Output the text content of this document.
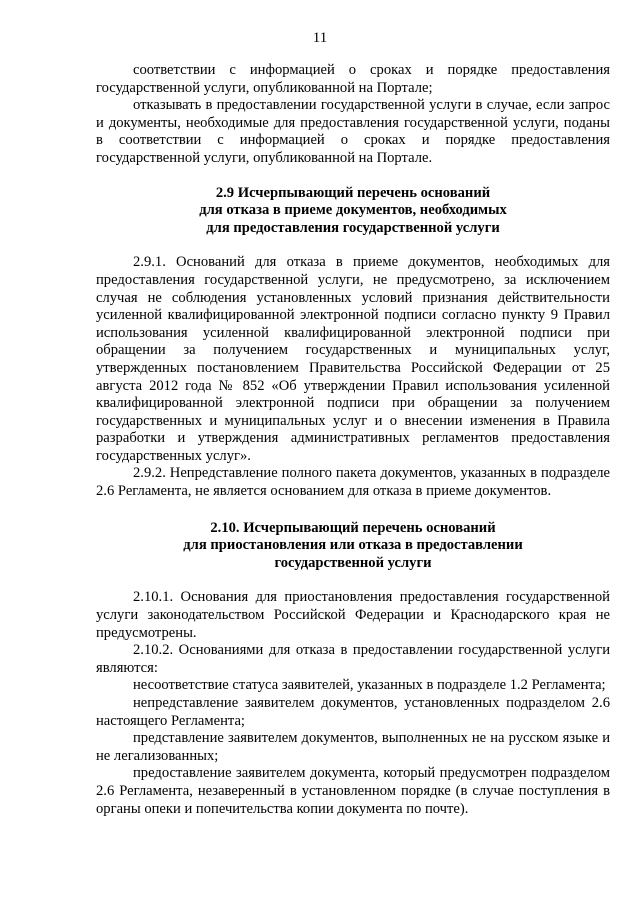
11

соответствии с информацией о сроках и порядке предоставления государственной услуги, опубликованной на Портале;

отказывать в предоставлении государственной услуги в случае, если запрос и документы, необходимые для предоставления государственной услуги, поданы в соответствии с информацией о сроках и порядке предоставления государственной услуги, опубликованной на Портале.

2.9 Исчерпывающий перечень оснований
для отказа в приеме документов, необходимых
для предоставления государственной услуги

2.9.1. Оснований для отказа в приеме документов, необходимых для предоставления государственной услуги, не предусмотрено, за исключением случая не соблюдения установленных условий признания действительности усиленной квалифицированной электронной подписи согласно пункту 9 Правил использования усиленной квалифицированной электронной подписи при обращении за получением государственных и муниципальных услуг, утвержденных постановлением Правительства Российской Федерации от 25 августа 2012 года № 852 «Об утверждении Правил использования усиленной квалифицированной электронной подписи при обращении за получением государственных и муниципальных услуг и о внесении изменения в Правила разработки и утверждения административных регламентов предоставления государственных услуг».

2.9.2. Непредставление полного пакета документов, указанных в подразделе 2.6 Регламента, не является основанием для отказа в приеме документов.

2.10. Исчерпывающий перечень оснований
для приостановления или отказа в предоставлении
государственной услуги

2.10.1. Основания для приостановления предоставления государственной услуги законодательством Российской Федерации и Краснодарского края не предусмотрены.

2.10.2. Основаниями для отказа в предоставлении государственной услуги являются:

несоответствие статуса заявителей, указанных в подразделе 1.2 Регламента;

непредставление заявителем документов, установленных подразделом 2.6 настоящего Регламента;

представление заявителем документов, выполненных не на русском языке и не легализованных;

предоставление заявителем документа, который предусмотрен подразделом 2.6 Регламента, незаверенный в установленном порядке (в случае поступления в органы опеки и попечительства копии документа по почте).
